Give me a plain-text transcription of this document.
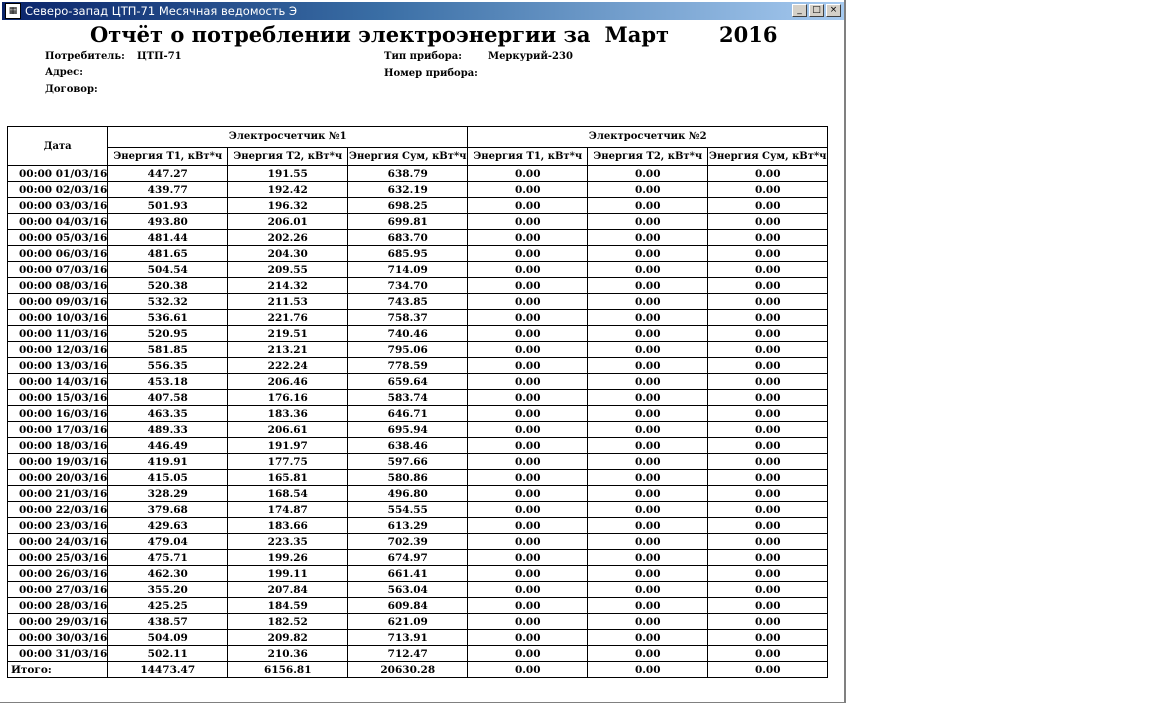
▦ Северо-запад ЦТП-71 Месячная ведомость Э	_	□ ×
Отчёт о потреблении электроэнергии за Март 2016
Потребитель: ЦТП-71
Адрес:
Договор:
Тип прибора:	Меркурий-230
Номер прибора:
Дата	Электросчетчик №1			Электросчетчик №2		
	Энергия Т1, кВт*ч	Энергия Т2, кВт*ч	Энергия Сум, кВт*ч	Энергия Т1, кВт*ч	Энергия Т2, кВт*ч	Энергия Сум, кВт*ч
00:00 01/03/16	447.27	191.55	638.79	0.00	0.00	0.00
00:00 02/03/16	439.77	192.42	632.19	0.00	0.00	0.00
00:00 03/03/16	501.93	196.32	698.25	0.00	0.00	0.00
00:00 04/03/16	493.80	206.01	699.81	0.00	0.00	0.00
00:00 05/03/16	481.44	202.26	683.70	0.00	0.00	0.00
00:00 06/03/16	481.65	204.30	685.95	0.00	0.00	0.00
00:00 07/03/16	504.54	209.55	714.09	0.00	0.00	0.00
00:00 08/03/16	520.38	214.32	734.70	0.00	0.00	0.00
00:00 09/03/16	532.32	211.53	743.85	0.00	0.00	0.00
00:00 10/03/16	536.61	221.76	758.37	0.00	0.00	0.00
00:00 11/03/16	520.95	219.51	740.46	0.00	0.00	0.00
00:00 12/03/16	581.85	213.21	795.06	0.00	0.00	0.00
00:00 13/03/16	556.35	222.24	778.59	0.00	0.00	0.00
00:00 14/03/16	453.18	206.46	659.64	0.00	0.00	0.00
00:00 15/03/16	407.58	176.16	583.74	0.00	0.00	0.00
00:00 16/03/16	463.35	183.36	646.71	0.00	0.00	0.00
00:00 17/03/16	489.33	206.61	695.94	0.00	0.00	0.00
00:00 18/03/16	446.49	191.97	638.46	0.00	0.00	0.00
00:00 19/03/16	419.91	177.75	597.66	0.00	0.00	0.00
00:00 20/03/16	415.05	165.81	580.86	0.00	0.00	0.00
00:00 21/03/16	328.29	168.54	496.80	0.00	0.00	0.00
00:00 22/03/16	379.68	174.87	554.55	0.00	0.00	0.00
00:00 23/03/16	429.63	183.66	613.29	0.00	0.00	0.00
00:00 24/03/16	479.04	223.35	702.39	0.00	0.00	0.00
00:00 25/03/16	475.71	199.26	674.97	0.00	0.00	0.00
00:00 26/03/16	462.30	199.11	661.41	0.00	0.00	0.00
00:00 27/03/16	355.20	207.84	563.04	0.00	0.00	0.00
00:00 28/03/16	425.25	184.59	609.84	0.00	0.00	0.00
00:00 29/03/16	438.57	182.52	621.09	0.00	0.00	0.00
00:00 30/03/16	504.09	209.82	713.91	0.00	0.00	0.00
00:00 31/03/16	502.11	210.36	712.47	0.00	0.00	0.00
Итого:	14473.47	6156.81	20630.28	0.00	0.00	0.00
